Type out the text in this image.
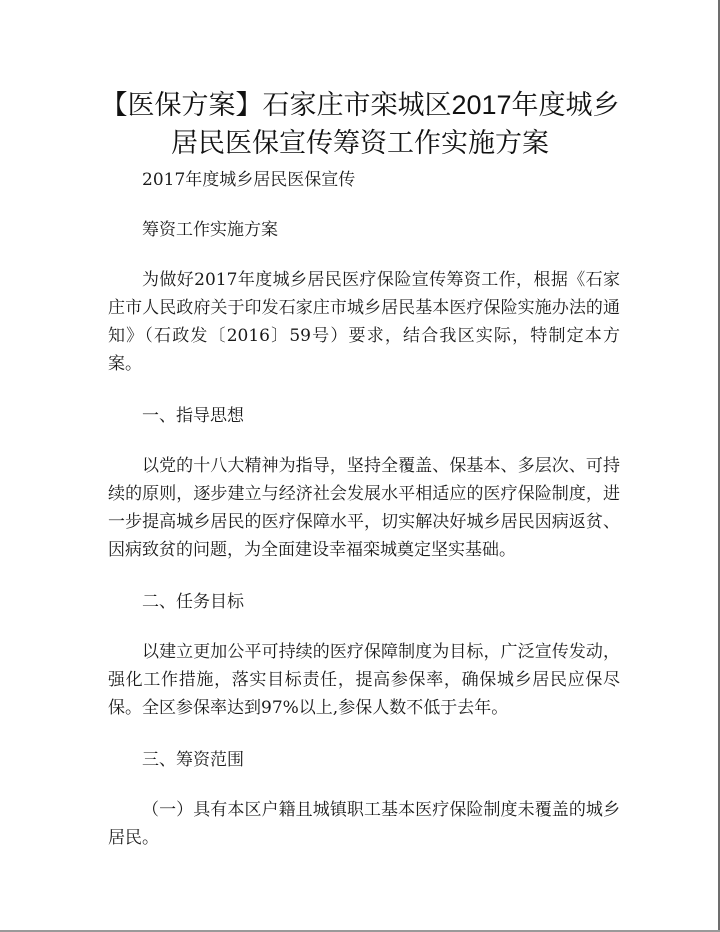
【医保方案】石家庄市栾城区2017年度城乡
居民医保宣传筹资工作实施方案

2017年度城乡居民医保宣传

筹资工作实施方案

为做好2017年度城乡居民医疗保险宣传筹资工作，根据《石家庄市人民政府关于印发石家庄市城乡居民基本医疗保险实施办法的通知》（石政发〔2016〕59号）要求，结合我区实际，特制定本方案。

一、指导思想

以党的十八大精神为指导，坚持全覆盖、保基本、多层次、可持续的原则，逐步建立与经济社会发展水平相适应的医疗保险制度，进一步提高城乡居民的医疗保障水平，切实解决好城乡居民因病返贫、因病致贫的问题，为全面建设幸福栾城奠定坚实基础。

二、任务目标

以建立更加公平可持续的医疗保障制度为目标，广泛宣传发动，强化工作措施，落实目标责任，提高参保率，确保城乡居民应保尽保。全区参保率达到97%以上,参保人数不低于去年。

三、筹资范围

（一）具有本区户籍且城镇职工基本医疗保险制度未覆盖的城乡居民。
